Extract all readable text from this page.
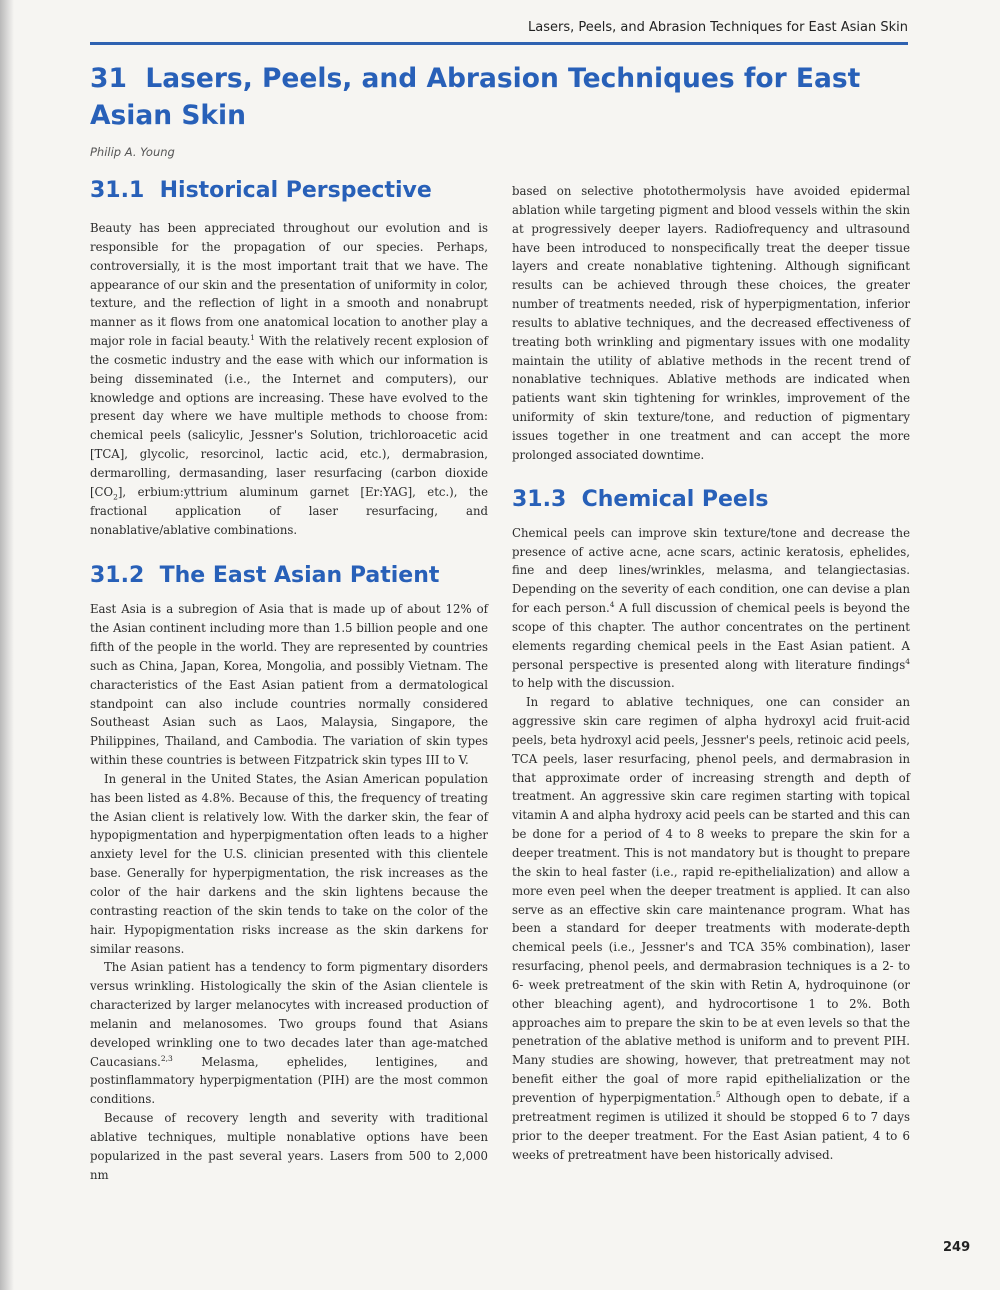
Lasers, Peels, and Abrasion Techniques for East Asian Skin
31 Lasers, Peels, and Abrasion Techniques for East Asian Skin

Philip A. Young

31.1 Historical Perspective

Beauty has been appreciated throughout our evolution and is responsible for the propagation of our species. Perhaps, controversially, it is the most important trait that we have. The appearance of our skin and the presentation of uniformity in color, texture, and the reflection of light in a smooth and nonabrupt manner as it flows from one anatomical location to another play a major role in facial beauty.$^1$ With the relatively recent explosion of the cosmetic industry and the ease with which our information is being disseminated (i.e., the Internet and computers), our knowledge and options are increasing. These have evolved to the present day where we have multiple methods to choose from: chemical peels (salicylic, Jessner's Solution, trichloroacetic acid [TCA], glycolic, resorcinol, lactic acid, etc.), dermabrasion, dermarolling, dermasanding, laser resurfacing (carbon dioxide $[CO_2]$, erbium:yttrium aluminum garnet [Er:YAG], etc.), the fractional application of laser resurfacing, and nonablative/ablative combinations.

31.2 The East Asian Patient

East Asia is a subregion of Asia that is made up of about 12% of the Asian continent including more than 1.5 billion people and one fifth of the people in the world. They are represented by countries such as China, Japan, Korea, Mongolia, and possibly Vietnam. The characteristics of the East Asian patient from a dermatological standpoint can also include countries normally considered Southeast Asian such as Laos, Malaysia, Singapore, the Philippines, Thailand, and Cambodia. The variation of skin types within these countries is between Fitzpatrick skin types III to V.

In general in the United States, the Asian American population has been listed as 4.8%. Because of this, the frequency of treating the Asian client is relatively low. With the darker skin, the fear of hypopigmentation and hyperpigmentation often leads to a higher anxiety level for the U.S. clinician presented with this clientele base. Generally for hyperpigmentation, the risk increases as the color of the hair darkens and the skin lightens because the contrasting reaction of the skin tends to take on the color of the hair. Hypopigmentation risks increase as the skin darkens for similar reasons.

The Asian patient has a tendency to form pigmentary disorders versus wrinkling. Histologically the skin of the Asian clientele is characterized by larger melanocytes with increased production of melanin and melanosomes. Two groups found that Asians developed wrinkling one to two decades later than age-matched Caucasians.$^{2,3}$ Melasma, ephelides, lentigines, and postinflammatory hyperpigmentation (PIH) are the most common conditions.

Because of recovery length and severity with traditional ablative techniques, multiple nonablative options have been popularized in the past several years. Lasers from 500 to 2,000 nm

based on selective photothermolysis have avoided epidermal ablation while targeting pigment and blood vessels within the skin at progressively deeper layers. Radiofrequency and ultrasound have been introduced to nonspecifically treat the deeper tissue layers and create nonablative tightening. Although significant results can be achieved through these choices, the greater number of treatments needed, risk of hyperpigmentation, inferior results to ablative techniques, and the decreased effectiveness of treating both wrinkling and pigmentary issues with one modality maintain the utility of ablative methods in the recent trend of nonablative techniques. Ablative methods are indicated when patients want skin tightening for wrinkles, improvement of the uniformity of skin texture/tone, and reduction of pigmentary issues together in one treatment and can accept the more prolonged associated downtime.

31.3 Chemical Peels

Chemical peels can improve skin texture/tone and decrease the presence of active acne, acne scars, actinic keratosis, ephelides, fine and deep lines/wrinkles, melasma, and telangiectasias. Depending on the severity of each condition, one can devise a plan for each person.$^4$ A full discussion of chemical peels is beyond the scope of this chapter. The author concentrates on the pertinent elements regarding chemical peels in the East Asian patient. A personal perspective is presented along with literature findings$^4$ to help with the discussion.

In regard to ablative techniques, one can consider an aggressive skin care regimen of alpha hydroxyl acid fruit-acid peels, beta hydroxyl acid peels, Jessner's peels, retinoic acid peels, TCA peels, laser resurfacing, phenol peels, and dermabrasion in that approximate order of increasing strength and depth of treatment. An aggressive skin care regimen starting with topical vitamin A and alpha hydroxy acid peels can be started and this can be done for a period of 4 to 8 weeks to prepare the skin for a deeper treatment. This is not mandatory but is thought to prepare the skin to heal faster (i.e., rapid re-epithelialization) and allow a more even peel when the deeper treatment is applied. It can also serve as an effective skin care maintenance program. What has been a standard for deeper treatments with moderate-depth chemical peels (i.e., Jessner's and TCA 35% combination), laser resurfacing, phenol peels, and dermabrasion techniques is a 2- to 6- week pretreatment of the skin with Retin A, hydroquinone (or other bleaching agent), and hydrocortisone 1 to 2%. Both approaches aim to prepare the skin to be at even levels so that the penetration of the ablative method is uniform and to prevent PIH. Many studies are showing, however, that pretreatment may not benefit either the goal of more rapid epithelialization or the prevention of hyperpigmentation.$^5$ Although open to debate, if a pretreatment regimen is utilized it should be stopped 6 to 7 days prior to the deeper treatment. For the East Asian patient, 4 to 6 weeks of pretreatment have been historically advised.

249
